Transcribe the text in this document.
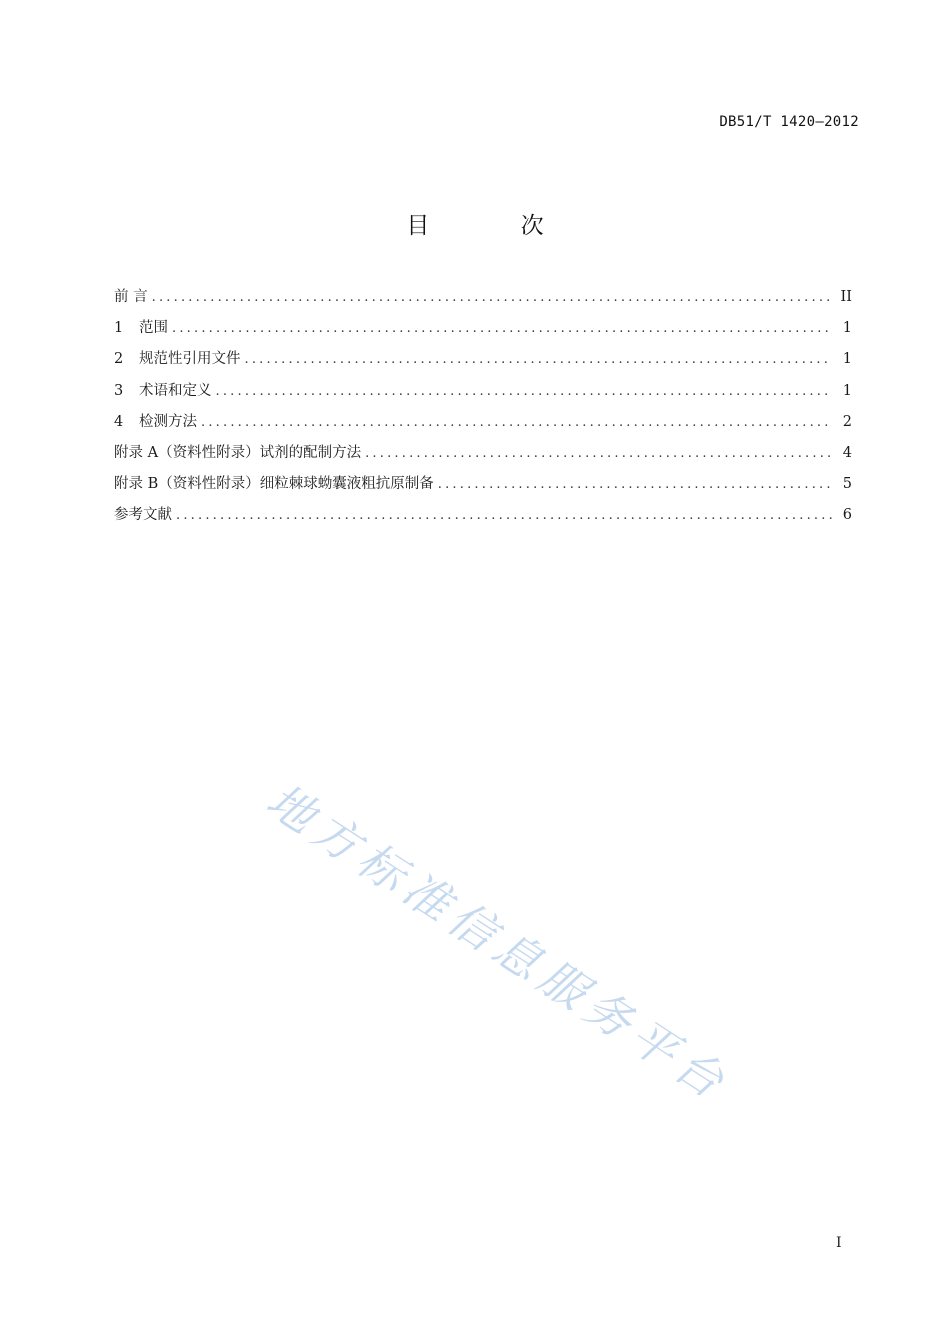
DB51/T 1420—2012
目 次
前 言 .....	II
1 范围 .....	1
2 规范性引用文件 .....	1
3 术语和定义 .....	1
4 检测方法 .....	2
附录 A（资料性附录）试剂的配制方法 .....	4
附录 B（资料性附录）细粒棘球蚴囊液粗抗原制备 .....	5
参考文献 .....	6
地方标准信息服务平台
I
